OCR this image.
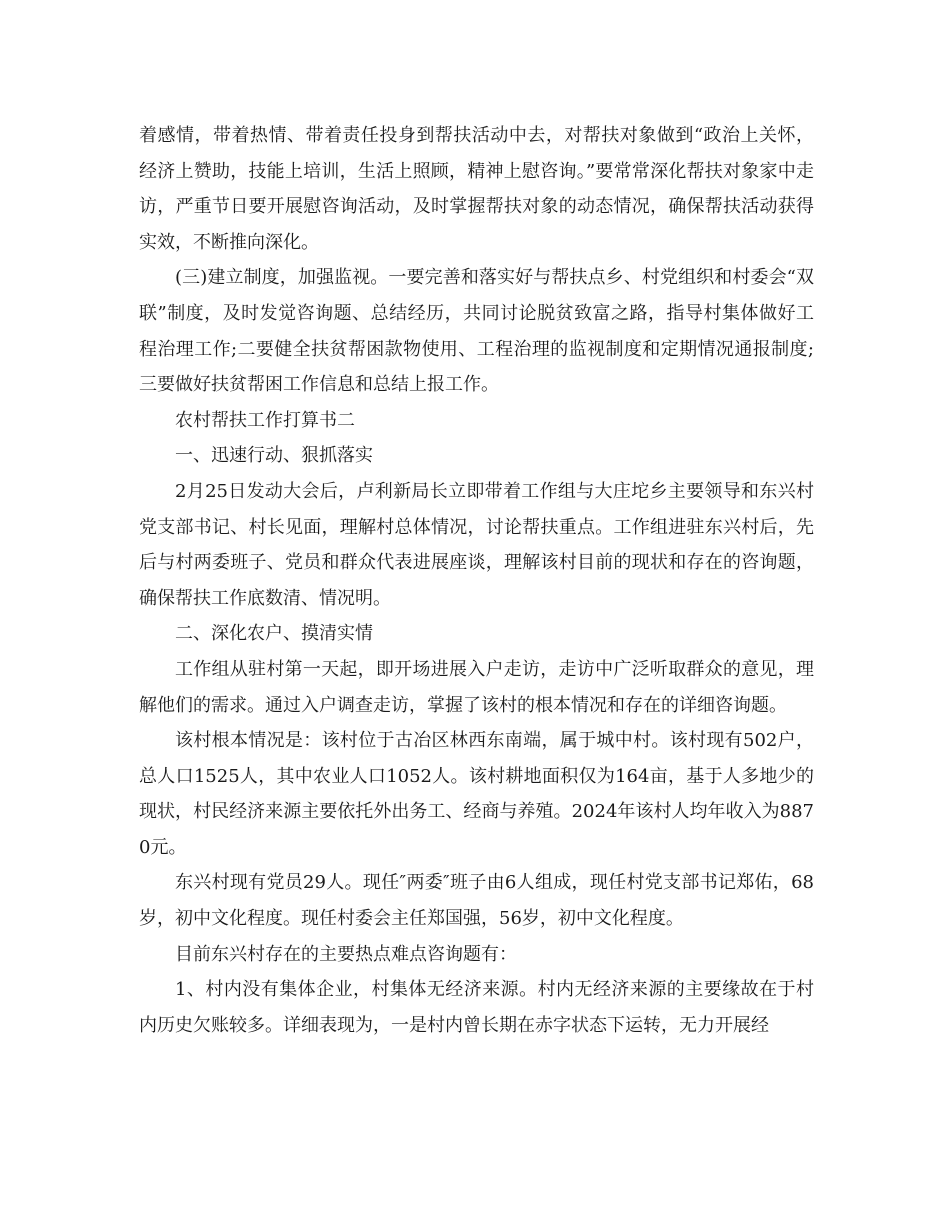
着感情，带着热情、带着责任投身到帮扶活动中去，对帮扶对象做到“政治上关怀，经济上赞助，技能上培训，生活上照顾，精神上慰咨询。”要常常深化帮扶对象家中走访，严重节日要开展慰咨询活动，及时掌握帮扶对象的动态情况，确保帮扶活动获得实效，不断推向深化。

(三)建立制度，加强监视。一要完善和落实好与帮扶点乡、村党组织和村委会“双联”制度，及时发觉咨询题、总结经历，共同讨论脱贫致富之路，指导村集体做好工程治理工作;二要健全扶贫帮困款物使用、工程治理的监视制度和定期情况通报制度;三要做好扶贫帮困工作信息和总结上报工作。

农村帮扶工作打算书二

一、迅速行动、狠抓落实

2月25日发动大会后，卢利新局长立即带着工作组与大庄坨乡主要领导和东兴村党支部书记、村长见面，理解村总体情况，讨论帮扶重点。工作组进驻东兴村后，先后与村两委班子、党员和群众代表进展座谈，理解该村目前的现状和存在的咨询题，确保帮扶工作底数清、情况明。

二、深化农户、摸清实情

工作组从驻村第一天起，即开场进展入户走访，走访中广泛听取群众的意见，理解他们的需求。通过入户调查走访，掌握了该村的根本情况和存在的详细咨询题。

该村根本情况是：该村位于古冶区林西东南端，属于城中村。该村现有502户，总人口1525人，其中农业人口1052人。该村耕地面积仅为164亩，基于人多地少的现状，村民经济来源主要依托外出务工、经商与养殖。2024年该村人均年收入为8870元。

东兴村现有党员29人。现任″两委″班子由6人组成，现任村党支部书记郑佑，68岁，初中文化程度。现任村委会主任郑国强，56岁，初中文化程度。

目前东兴村存在的主要热点难点咨询题有：

1、村内没有集体企业，村集体无经济来源。村内无经济来源的主要缘故在于村内历史欠账较多。详细表现为，一是村内曾长期在赤字状态下运转，无力开展经
